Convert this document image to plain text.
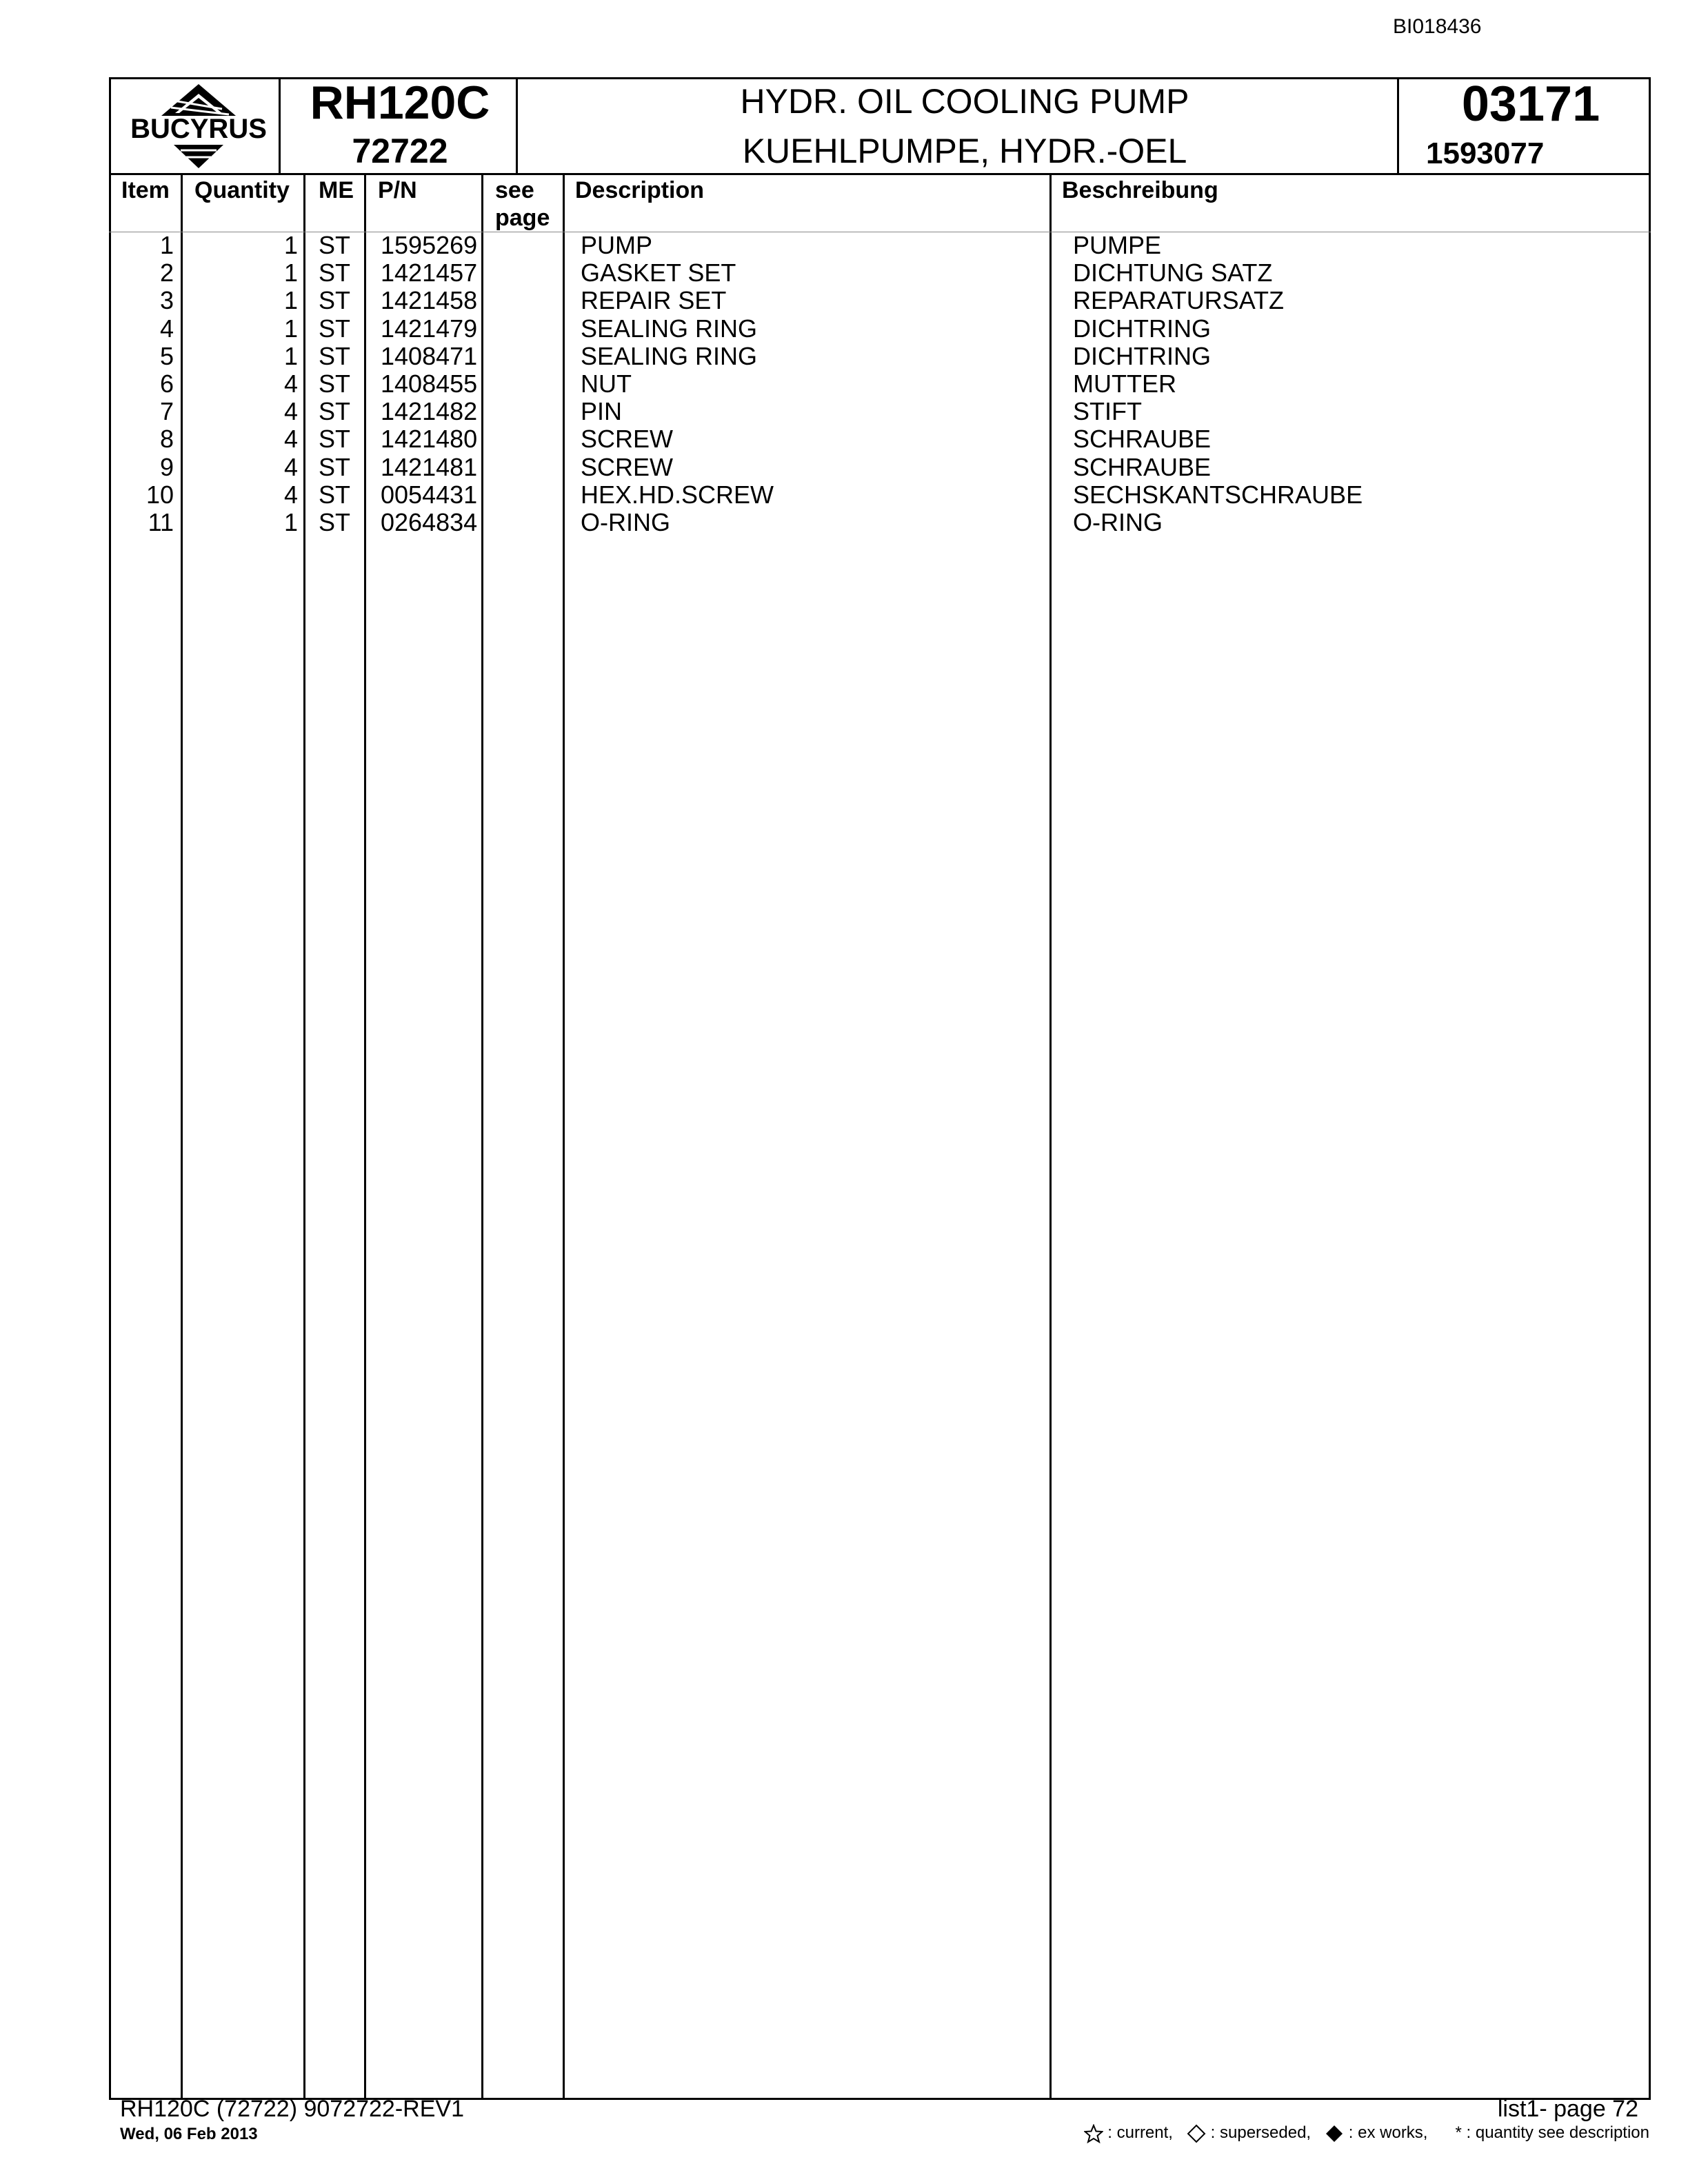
BI018436
BUCYRUS RH120C
72722
HYDR. OIL COOLING PUMP
KUEHLPUMPE, HYDR.-OEL
03171
1593077
Item Quantity ME P/N	see
page
Description	Beschreibung
1	1 ST 1595269	PUMP	PUMPE
2	1 ST 1421457	GASKET SET	DICHTUNG SATZ
3	1 ST 1421458	REPAIR SET	REPARATURSATZ
4	1 ST 1421479	SEALING RING	DICHTRING
5	1 ST 1408471	SEALING RING	DICHTRING
6	4 ST 1408455	NUT	MUTTER
7	4 ST 1421482	PIN	STIFT
8	4 ST 1421480	SCREW	SCHRAUBE
9	4 ST 1421481	SCREW	SCHRAUBE
10	4 ST 0054431	HEX.HD.SCREW	SECHSKANTSCHRAUBE
11	1 ST 0264834	O-RING	O-RING
RH120C (72722) 9072722-REV1
Wed, 06 Feb 2013
list1- page 72
: current, : superseded, : ex works, * : quantity see description
